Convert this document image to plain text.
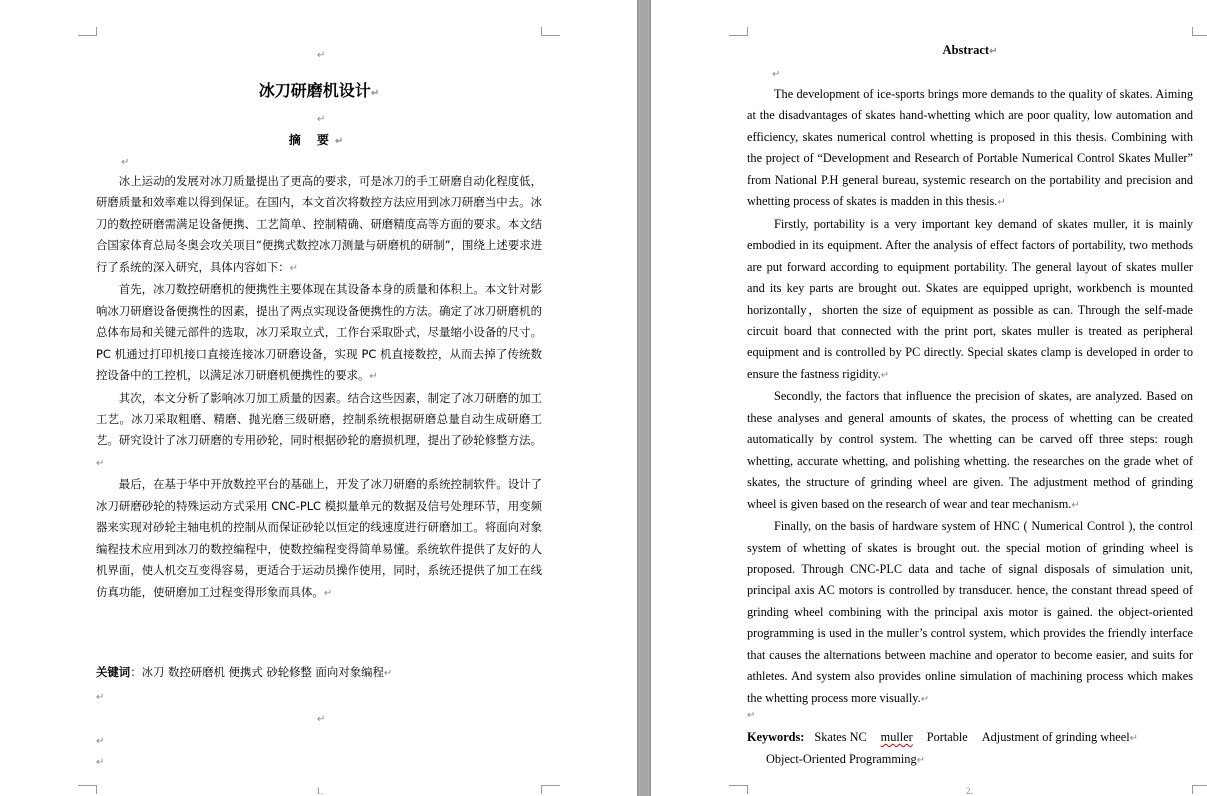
↵
冰刀研磨机设计 ↵
↵
摘 要 ↵
↵

冰上运动的发展对冰刀质量提出了更高的要求，可是冰刀的手工研磨自动化程度低，研磨质量和效率难以得到保证。在国内，本文首次将数控方法应用到冰刀研磨当中去。冰刀的数控研磨需满足设备便携、工艺简单、控制精确、研磨精度高等方面的要求。本文结合国家体育总局冬奥会攻关项目“便携式数控冰刀测量与研磨机的研制”，围绕上述要求进行了系统的深入研究，具体内容如下： ↵

首先，冰刀数控研磨机的便携性主要体现在其设备本身的质量和体积上。本文针对影响冰刀研磨设备便携性的因素，提出了两点实现设备便携性的方法。确定了冰刀研磨机的总体布局和关键元部件的选取，冰刀采取立式，工作台采取卧式，尽量缩小设备的尺寸。PC 机通过打印机接口直接连接冰刀研磨设备，实现 PC 机直接数控，从而去掉了传统数控设备中的工控机，以满足冰刀研磨机便携性的要求。 ↵

其次，本文分析了影响冰刀加工质量的因素。结合这些因素，制定了冰刀研磨的加工工艺。冰刀采取粗磨、精磨、抛光磨三级研磨，控制系统根据研磨总量自动生成研磨工艺。研究设计了冰刀研磨的专用砂轮，同时根据砂轮的磨损机理，提出了砂轮修整方法。 ↵

最后，在基于华中开放数控平台的基础上，开发了冰刀研磨的系统控制软件。设计了冰刀研磨砂轮的特殊运动方式采用 CNC-PLC 模拟量单元的数据及信号处理环节，用变频器来实现对砂轮主轴电机的控制从而保证砂轮以恒定的线速度进行研磨加工。将面向对象编程技术应用到冰刀的数控编程中，使数控编程变得简单易懂。系统软件提供了友好的人机界面，使人机交互变得容易，更适合于运动员操作使用，同时，系统还提供了加工在线仿真功能，使研磨加工过程变得形象而具体。 ↵

关键词：冰刀 数控研磨机 便携式 砂轮修整 面向对象编程 ↵
↵
↵
↵
↵
1.
Abstract ↵
↵

The development of ice-sports brings more demands to the quality of skates. Aiming at the disadvantages of skates hand-whetting which are poor quality, low automation and efficiency, skates numerical control whetting is proposed in this thesis. Combining with the project of “Development and Research of Portable Numerical Control Skates Muller” from National P.H general bureau, systemic research on the portability and precision and whetting process of skates is madden in this thesis. ↵

Firstly, portability is a very important key demand of skates muller, it is mainly embodied in its equipment. After the analysis of effect factors of portability, two methods are put forward according to equipment portability. The general layout of skates muller and its key parts are brought out. Skates are equipped upright, workbench is mounted horizontally，shorten the size of equipment as possible as can. Through the self-made circuit board that connected with the print port, skates muller is treated as peripheral equipment and is controlled by PC directly. Special skates clamp is developed in order to ensure the fastness rigidity. ↵

Secondly, the factors that influence the precision of skates, are analyzed. Based on these analyses and general amounts of skates, the process of whetting can be created automatically by control system. The whetting can be carved off three steps: rough whetting, accurate whetting, and polishing whetting. the researches on the grade whet of skates, the structure of grinding wheel are given. The adjustment method of grinding wheel is given based on the research of wear and tear mechanism. ↵

Finally, on the basis of hardware system of HNC ( Numerical Control ), the control system of whetting of skates is brought out. the special motion of grinding wheel is proposed. Through CNC-PLC data and tache of signal disposals of simulation unit, principal axis AC motors is controlled by transducer. hence, the constant thread speed of grinding wheel combining with the principal axis motor is gained. the object-oriented programming is used in the muller’s control system, which provides the friendly interface that causes the alternations between machine and operator to become easier, and suits for athletes. And system also provides online simulation of machining process which makes the whetting process more visually. ↵

↵
Keywords: Skates NC muller Portable Adjustment of grinding wheel ↵
Object-Oriented Programming ↵
2.
